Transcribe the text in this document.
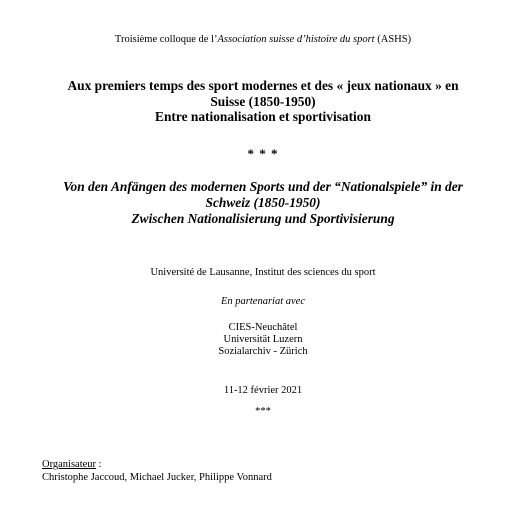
Troisième colloque de l’Association suisse d’histoire du sport (ASHS)
Aux premiers temps des sport modernes et des « jeux nationaux » en
Suisse (1850-1950)
Entre nationalisation et sportivisation
* * *
Von den Anfängen des modernen Sports und der “Nationalspiele” in der
Schweiz (1850-1950)
Zwischen Nationalisierung und Sportivisierung
Université de Lausanne, Institut des sciences du sport
En partenariat avec
CIES-Neuchâtel
Universität Luzern
Sozialarchiv - Zürich
11-12 février 2021
***
Organisateur :
Christophe Jaccoud, Michael Jucker, Philippe Vonnard
